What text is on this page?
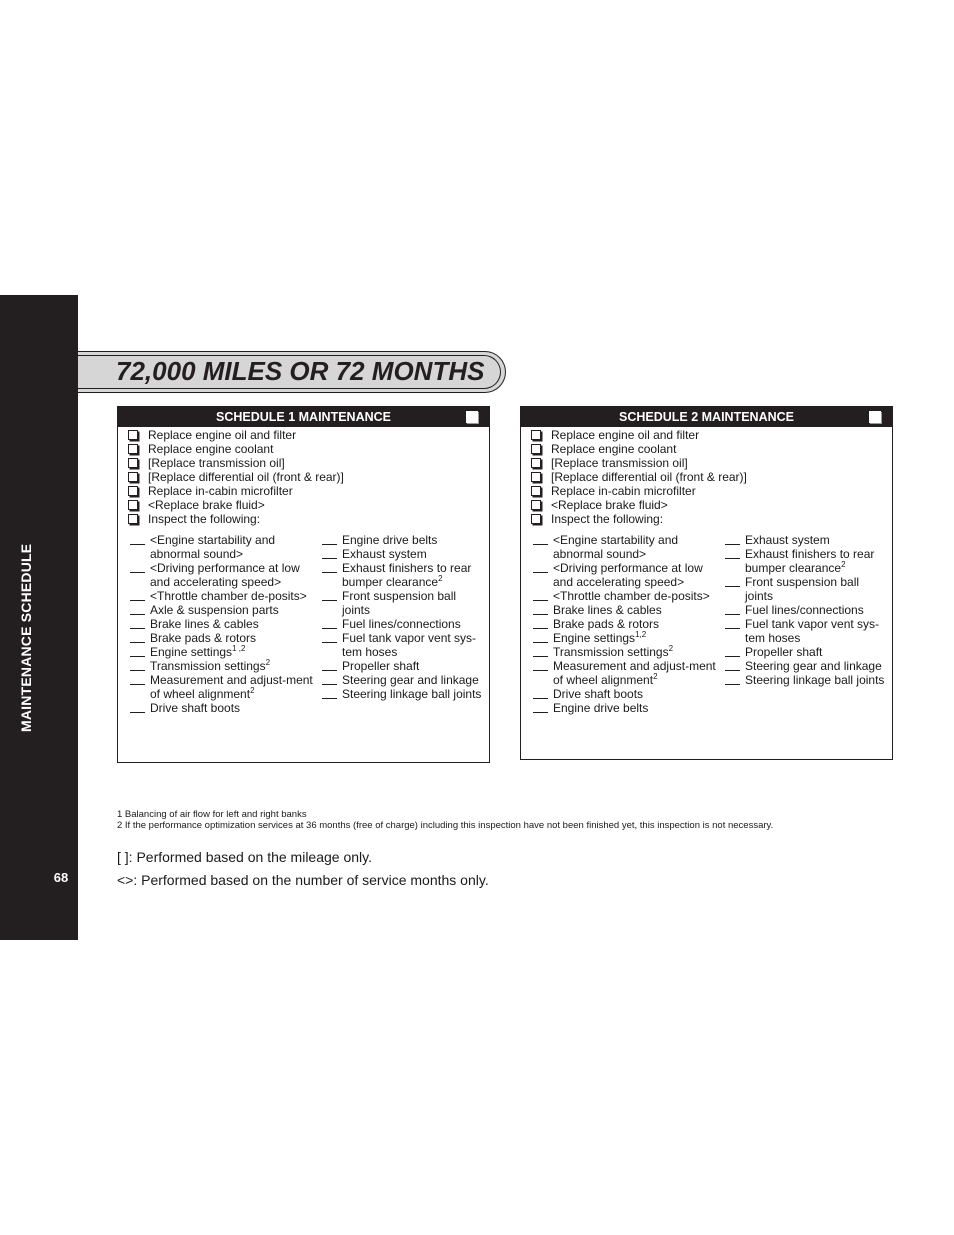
MAINTENANCE SCHEDULE
68
72,000 MILES OR 72 MONTHS
SCHEDULE 1 MAINTENANCE
Replace engine oil and filter
Replace engine coolant
[Replace transmission oil]
[Replace differential oil (front & rear)]
Replace in-cabin microfilter
<Replace brake fluid>
Inspect the following:
<Engine startability and abnormal sound>
<Driving performance at low and accelerating speed>
<Throttle chamber de-posits>
Axle & suspension parts
Brake lines & cables
Brake pads & rotors
Engine settings$^{1 ,2}$
Transmission settings$^2$
Measurement and adjust-ment of wheel alignment$^2$
Drive shaft boots
Engine drive belts
Exhaust system
Exhaust finishers to rear bumper clearance$^2$
Front suspension ball joints
Fuel lines/connections
Fuel tank vapor vent sys-tem hoses
Propeller shaft
Steering gear and linkage
Steering linkage ball joints
SCHEDULE 2 MAINTENANCE
Replace engine oil and filter
Replace engine coolant
[Replace transmission oil]
[Replace differential oil (front & rear)]
Replace in-cabin microfilter
<Replace brake fluid>
Inspect the following:
<Engine startability and abnormal sound>
<Driving performance at low and accelerating speed>
<Throttle chamber de-posits>
Brake lines & cables
Brake pads & rotors
Engine settings$^{1,2}$
Transmission settings$^2$
Measurement and adjust-ment of wheel alignment$^2$
Drive shaft boots
Engine drive belts
Exhaust system
Exhaust finishers to rear bumper clearance$^2$
Front suspension ball joints
Fuel lines/connections
Fuel tank vapor vent sys-tem hoses
Propeller shaft
Steering gear and linkage
Steering linkage ball joints
1 Balancing of air flow for left and right banks
2 If the performance optimization services at 36 months (free of charge) including this inspection have not been finished yet, this inspection is not necessary.
[ ]: Performed based on the mileage only.
<>: Performed based on the number of service months only.
